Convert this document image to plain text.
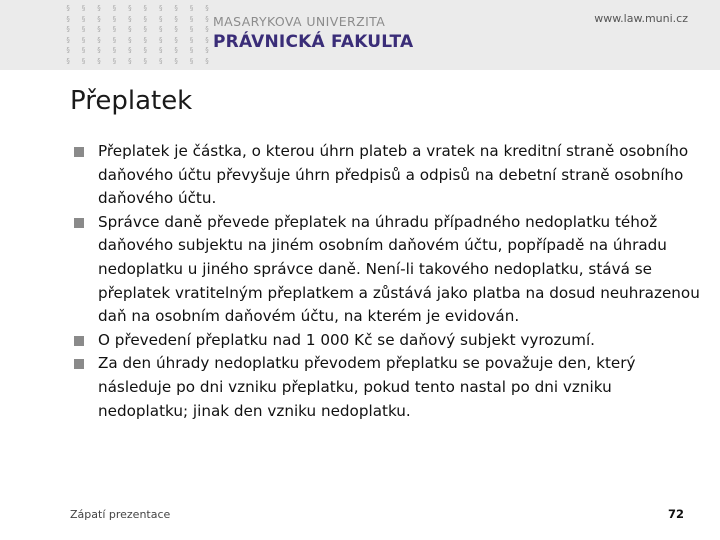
§ § § § § § § § § §
§ § § § § § § § § §
§ § § § § § § § § §
§ § § § § § § § § §
§ § § § § § § § § §
§ § § § § § § § § §
MASARYKOVA UNIVERZITA
PRÁVNICKÁ FAKULTA
www.law.muni.cz
Přeplatek
Přeplatek je částka, o kterou úhrn plateb a vratek na kreditní straně osobního daňového účtu převyšuje úhrn předpisů a odpisů na debetní straně osobního daňového účtu.
Správce daně převede přeplatek na úhradu případného nedoplatku téhož daňového subjektu na jiném osobním daňovém účtu, popřípadě na úhradu nedoplatku u jiného správce daně. Není-li takového nedoplatku, stává se přeplatek vratitelným přeplatkem a zůstává jako platba na dosud neuhrazenou daň na osobním daňovém účtu, na kterém je evidován.
O převedení přeplatku nad 1 000 Kč se daňový subjekt vyrozumí.
Za den úhrady nedoplatku převodem přeplatku se považuje den, který následuje po dni vzniku přeplatku, pokud tento nastal po dni vzniku nedoplatku; jinak den vzniku nedoplatku.
Zápatí prezentace	72
